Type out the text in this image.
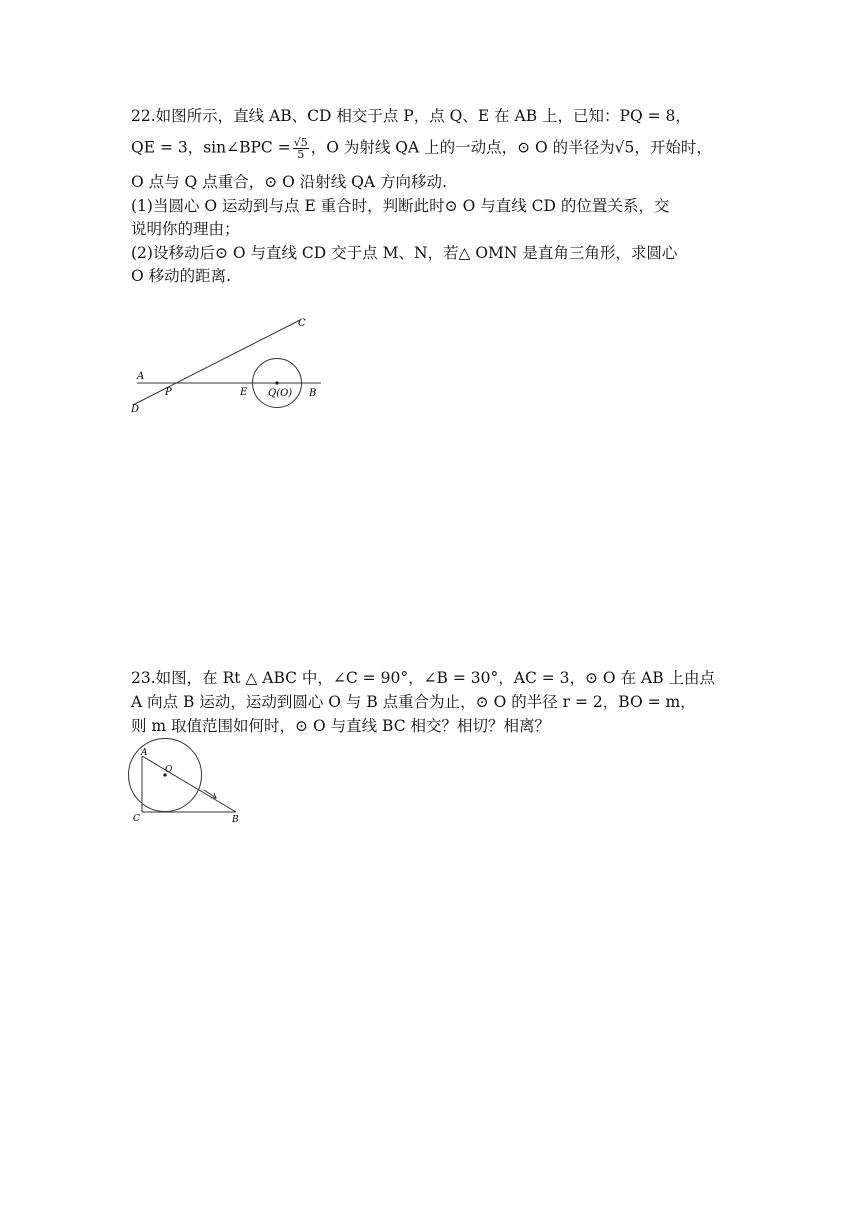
22.如图所示，直线 AB、CD 相交于点 P，点 Q、E 在 AB 上，已知：PQ = 8，
QE = 3，sin∠BPC = $\frac{√5}{5}$ ，O 为射线 QA 上的一动点，⊙ O 的半径为√5，开始时，
O 点与 Q 点重合，⊙ O 沿射线 QA 方向移动.
(1)当圆心 O 运动到与点 E 重合时，判断此时⊙ O 与直线 CD 的位置关系，交
说明你的理由；
(2)设移动后⊙ O 与直线 CD 交于点 M、N，若△ OMN 是直角三角形，求圆心
O 移动的距离.
A
P	E Q(O) B
C
D
23.如图，在 Rt △ ABC 中，∠C = 90°，∠B = 30°，AC = 3，⊙ O 在 AB 上由点
A 向点 B 运动，运动到圆心 O 与 B 点重合为止，⊙ O 的半径 r = 2，BO = m，
则 m 取值范围如何时，⊙ O 与直线 BC 相交？相切？相离？
A
O
C	B
